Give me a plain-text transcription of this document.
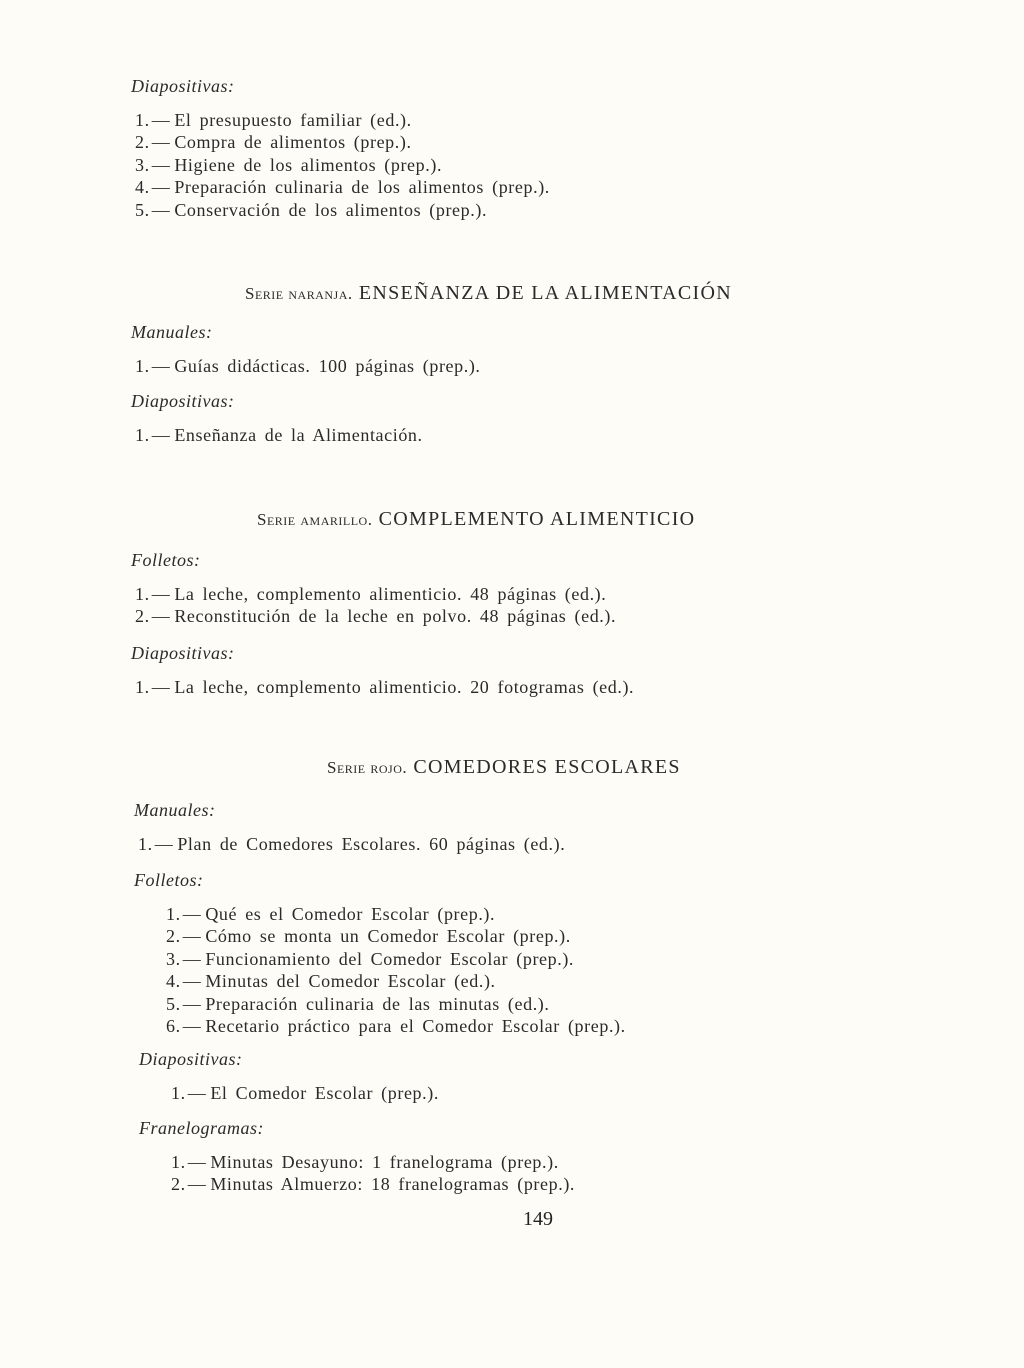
Diapositivas:
1. — El presupuesto familiar (ed.).
2. — Compra de alimentos (prep.).
3. — Higiene de los alimentos (prep.).
4. — Preparación culinaria de los alimentos (prep.).
5. — Conservación de los alimentos (prep.).
Serie naranja. ENSEÑANZA DE LA ALIMENTACIÓN
Manuales:
1. — Guías didácticas. 100 páginas (prep.).
Diapositivas:
1. — Enseñanza de la Alimentación.
Serie amarillo. COMPLEMENTO ALIMENTICIO
Folletos:
1. — La leche, complemento alimenticio. 48 páginas (ed.).
2. — Reconstitución de la leche en polvo. 48 páginas (ed.).
Diapositivas:
1. — La leche, complemento alimenticio. 20 fotogramas (ed.).
Serie rojo. COMEDORES ESCOLARES
Manuales:
1. — Plan de Comedores Escolares. 60 páginas (ed.).
Folletos:
1. — Qué es el Comedor Escolar (prep.).
2. — Cómo se monta un Comedor Escolar (prep.).
3. — Funcionamiento del Comedor Escolar (prep.).
4. — Minutas del Comedor Escolar (ed.).
5. — Preparación culinaria de las minutas (ed.).
6. — Recetario práctico para el Comedor Escolar (prep.).
Diapositivas:
1. — El Comedor Escolar (prep.).
Franelogramas:
1. — Minutas Desayuno: 1 franelograma (prep.).
2. — Minutas Almuerzo: 18 franelogramas (prep.).
149
